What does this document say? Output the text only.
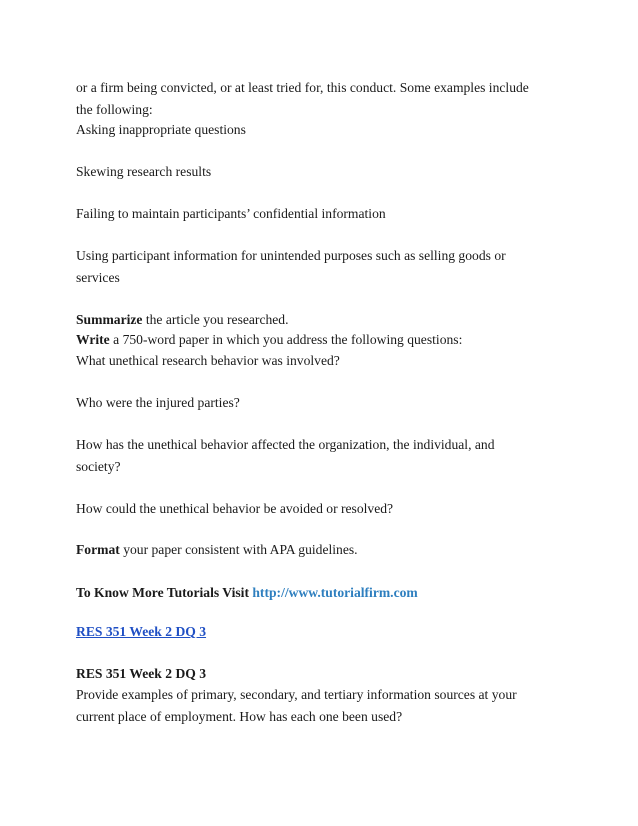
or a firm being convicted, or at least tried for, this conduct. Some examples include
the following:
Asking inappropriate questions
Skewing research results
Failing to maintain participants’ confidential information
Using participant information for unintended purposes such as selling goods or
services
Summarize the article you researched.
Write a 750-word paper in which you address the following questions:
What unethical research behavior was involved?
Who were the injured parties?
How has the unethical behavior affected the organization, the individual, and
society?
How could the unethical behavior be avoided or resolved?
Format your paper consistent with APA guidelines.
To Know More Tutorials Visit http://www.tutorialfirm.com
RES 351 Week 2 DQ 3
RES 351 Week 2 DQ 3
Provide examples of primary, secondary, and tertiary information sources at your
current place of employment. How has each one been used?
